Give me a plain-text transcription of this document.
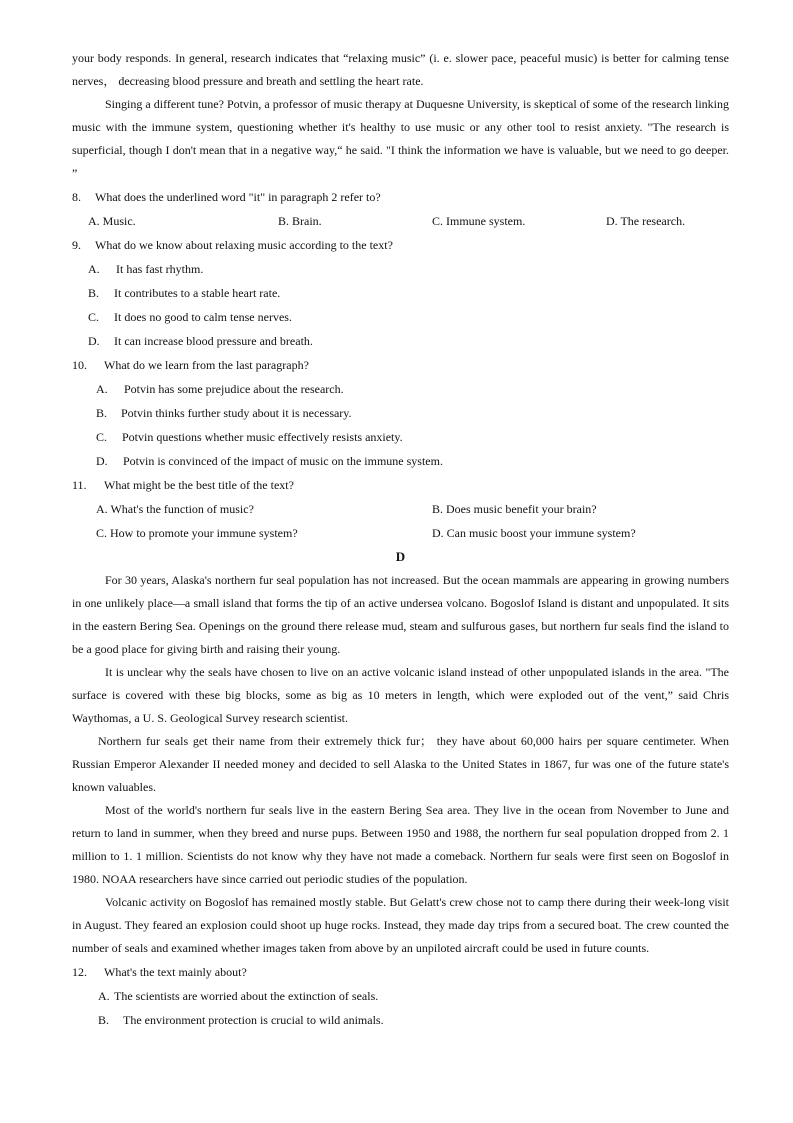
your body responds. In general, research indicates that “relaxing music” (i. e. slower pace, peaceful music) is better for calming tense nerves， decreasing blood pressure and breath and settling the heart rate.

Singing a different tune? Potvin, a professor of music therapy at Duquesne University, is skeptical of some of the research linking music with the immune system, questioning whether it's healthy to use music or any other tool to resist anxiety. "The research is superficial, though I don't mean that in a negative way,“ he said. "I think the information we have is valuable, but we need to go deeper. ”

8. What does the underlined word "it" in paragraph 2 refer to?
A. Music.	B. Brain.	C. Immune system.	D. The research.
9. What do we know about relaxing music according to the text?
A. It has fast rhythm.
B. It contributes to a stable heart rate.
C. It does no good to calm tense nerves.
D. It can increase blood pressure and breath.
10. What do we learn from the last paragraph?
A. Potvin has some prejudice about the research.
B. Potvin thinks further study about it is necessary.
C. Potvin questions whether music effectively resists anxiety.
D. Potvin is convinced of the impact of music on the immune system.
11. What might be the best title of the text?
A. What's the function of music?	B. Does music benefit your brain?
C. How to promote your immune system?	D. Can music boost your immune system?

D

For 30 years, Alaska's northern fur seal population has not increased. But the ocean mammals are appearing in growing numbers in one unlikely place—a small island that forms the tip of an active undersea volcano. Bogoslof Island is distant and unpopulated. It sits in the eastern Bering Sea. Openings on the ground there release mud, steam and sulfurous gases, but northern fur seals find the island to be a good place for giving birth and raising their young.

It is unclear why the seals have chosen to live on an active volcanic island instead of other unpopulated islands in the area. "The surface is covered with these big blocks, some as big as 10 meters in length, which were exploded out of the vent,” said Chris Waythomas, a U. S. Geological Survey research scientist.

Northern fur seals get their name from their extremely thick fur； they have about 60,000 hairs per square centimeter. When Russian Emperor Alexander II needed money and decided to sell Alaska to the United States in 1867, fur was one of the future state's known valuables.

Most of the world's northern fur seals live in the eastern Bering Sea area. They live in the ocean from November to June and return to land in summer, when they breed and nurse pups. Between 1950 and 1988, the northern fur seal population dropped from 2. 1 million to 1. 1 million. Scientists do not know why they have not made a comeback. Northern fur seals were first seen on Bogoslof in 1980. NOAA researchers have since carried out periodic studies of the population.

Volcanic activity on Bogoslof has remained mostly stable. But Gelatt's crew chose not to camp there during their week-long visit in August. They feared an explosion could shoot up huge rocks. Instead, they made day trips from a secured boat. The crew counted the number of seals and examined whether images taken from above by an unpiloted aircraft could be used in future counts.

12. What's the text mainly about?
A. The scientists are worried about the extinction of seals.
B. The environment protection is crucial to wild animals.
